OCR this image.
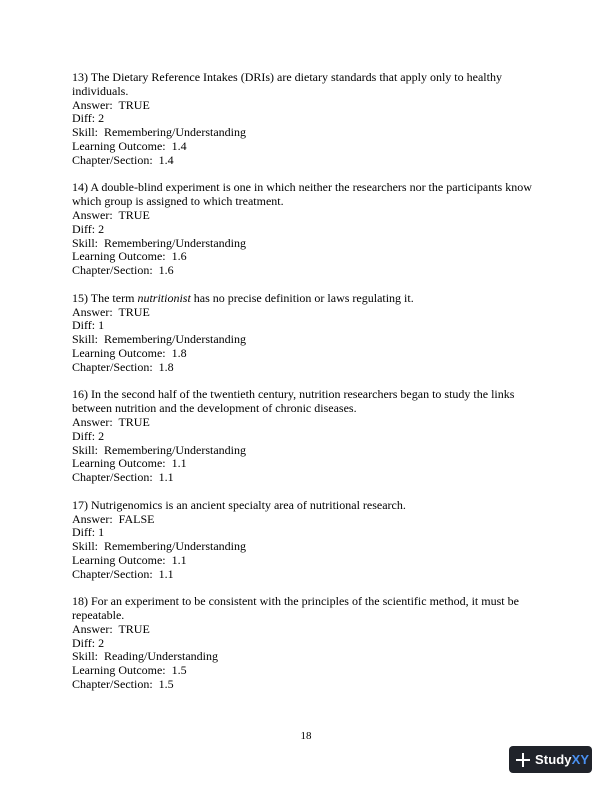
13) The Dietary Reference Intakes (DRIs) are dietary standards that apply only to healthy individuals.
Answer:  TRUE
Diff: 2
Skill:  Remembering/Understanding
Learning Outcome:  1.4
Chapter/Section:  1.4
14) A double-blind experiment is one in which neither the researchers nor the participants know which group is assigned to which treatment.
Answer:  TRUE
Diff: 2
Skill:  Remembering/Understanding
Learning Outcome:  1.6
Chapter/Section:  1.6
15) The term nutritionist has no precise definition or laws regulating it.
Answer:  TRUE
Diff: 1
Skill:  Remembering/Understanding
Learning Outcome:  1.8
Chapter/Section:  1.8
16) In the second half of the twentieth century, nutrition researchers began to study the links between nutrition and the development of chronic diseases.
Answer:  TRUE
Diff: 2
Skill:  Remembering/Understanding
Learning Outcome:  1.1
Chapter/Section:  1.1
17) Nutrigenomics is an ancient specialty area of nutritional research.
Answer:  FALSE
Diff: 1
Skill:  Remembering/Understanding
Learning Outcome:  1.1
Chapter/Section:  1.1
18) For an experiment to be consistent with the principles of the scientific method, it must be repeatable.
Answer:  TRUE
Diff: 2
Skill:  Reading/Understanding
Learning Outcome:  1.5
Chapter/Section:  1.5
18
StudyXY
